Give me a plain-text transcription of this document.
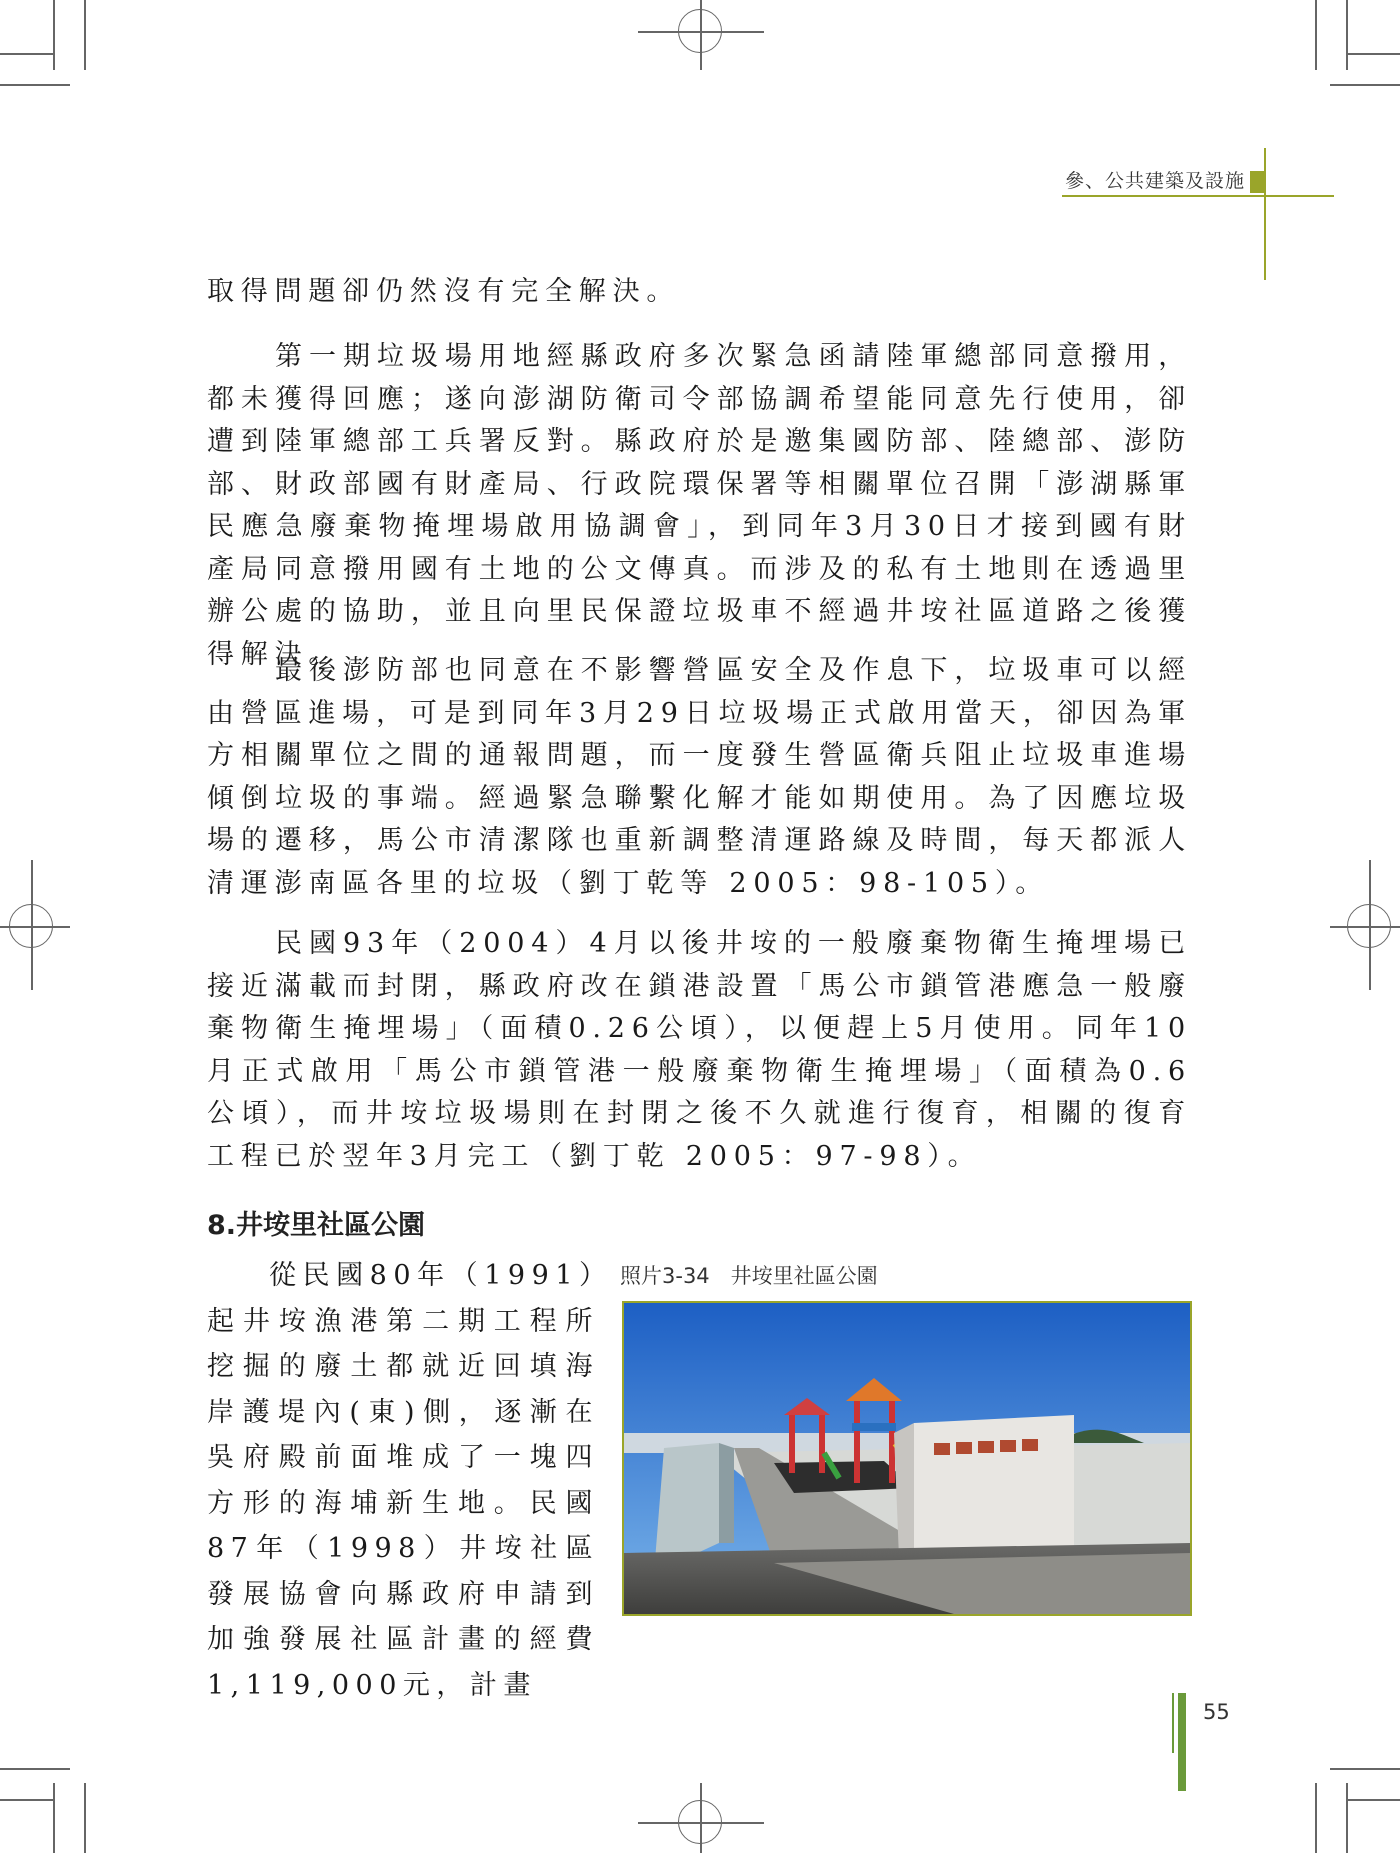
參、公共建築及設施

取得問題卻仍然沒有完全解決。

第一期垃圾場用地經縣政府多次緊急函請陸軍總部同意撥用，都未獲得回應；遂向澎湖防衛司令部協調希望能同意先行使用，卻遭到陸軍總部工兵署反對。縣政府於是邀集國防部、陸總部、澎防部、財政部國有財產局、行政院環保署等相關單位召開「澎湖縣軍民應急廢棄物掩埋場啟用協調會」，到同年3月30日才接到國有財產局同意撥用國有土地的公文傳真。而涉及的私有土地則在透過里辦公處的協助，並且向里民保證垃圾車不經過井垵社區道路之後獲得解決。

最後澎防部也同意在不影響營區安全及作息下，垃圾車可以經由營區進場，可是到同年3月29日垃圾場正式啟用當天，卻因為軍方相關單位之間的通報問題，而一度發生營區衛兵阻止垃圾車進場傾倒垃圾的事端。經過緊急聯繫化解才能如期使用。為了因應垃圾場的遷移，馬公市清潔隊也重新調整清運路線及時間，每天都派人清運澎南區各里的垃圾（劉丁乾等 2005：98-105）。

民國93年（2004）4月以後井垵的一般廢棄物衛生掩埋場已接近滿載而封閉，縣政府改在鎖港設置「馬公市鎖管港應急一般廢棄物衛生掩埋場」（面積0.26公頃），以便趕上5月使用。同年10月正式啟用「馬公市鎖管港一般廢棄物衛生掩埋場」（面積為0.6公頃），而井垵垃圾場則在封閉之後不久就進行復育，相關的復育工程已於翌年3月完工（劉丁乾 2005：97-98）。

8.井垵里社區公園

從民國80年（1991）起井垵漁港第二期工程所挖掘的廢土都就近回填海岸護堤內(東)側，逐漸在吳府殿前面堆成了一塊四方形的海埔新生地。民國87年（1998）井垵社區發展協會向縣政府申請到加強發展社區計畫的經費1,119,000元，計畫

照片3-34　井垵里社區公園
55
